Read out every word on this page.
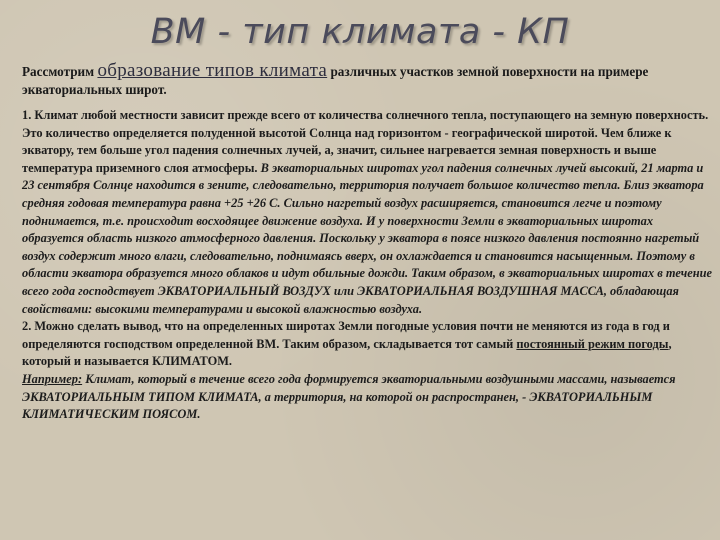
ВМ - тип климата - КП
Рассмотрим образование типов климата различных участков земной поверхности на примере экваториальных широт.
1. Климат любой местности зависит прежде всего от количества солнечного тепла, поступающего на земную поверхность. Это количество определяется полуденной высотой Солнца над горизонтом - географической широтой. Чем ближе к экватору, тем больше угол падения солнечных лучей, а, значит, сильнее нагревается земная поверхность и выше температура приземного слоя атмосферы. В экваториальных широтах угол падения солнечных лучей высокий, 21 марта и 23 сентября Солнце находится в зените, следовательно, территория получает большое количество тепла. Близ экватора средняя годовая температура равна +25 +26 С. Сильно нагретый воздух расширяется, становится легче и поэтому поднимается, т.е. происходит восходящее движение воздуха. И у поверхности Земли в экваториальных широтах образуется область низкого атмосферного давления. Поскольку у экватора в поясе низкого давления постоянно нагретый воздух содержит много влаги, следовательно, поднимаясь вверх, он охлаждается и становится насыщенным. Поэтому в области экватора образуется много облаков и идут обильные дожди. Таким образом, в экваториальных широтах в течение всего года господствует ЭКВАТОРИАЛЬНЫЙ ВОЗДУХ или ЭКВАТОРИАЛЬНАЯ ВОЗДУШНАЯ МАССА, обладающая свойствами: высокими температурами и высокой влажностью воздуха.
2. Можно сделать вывод, что на определенных широтах Земли погодные условия почти не меняются из года в год и определяются господством определенной ВМ. Таким образом, складывается тот самый постоянный режим погоды, который и называется КЛИМАТОМ.
Например: Климат, который в течение всего года формируется экваториальными воздушными массами, называется ЭКВАТОРИАЛЬНЫМ ТИПОМ КЛИМАТА, а территория, на которой он распространен, - ЭКВАТОРИАЛЬНЫМ КЛИМАТИЧЕСКИМ ПОЯСОМ.
